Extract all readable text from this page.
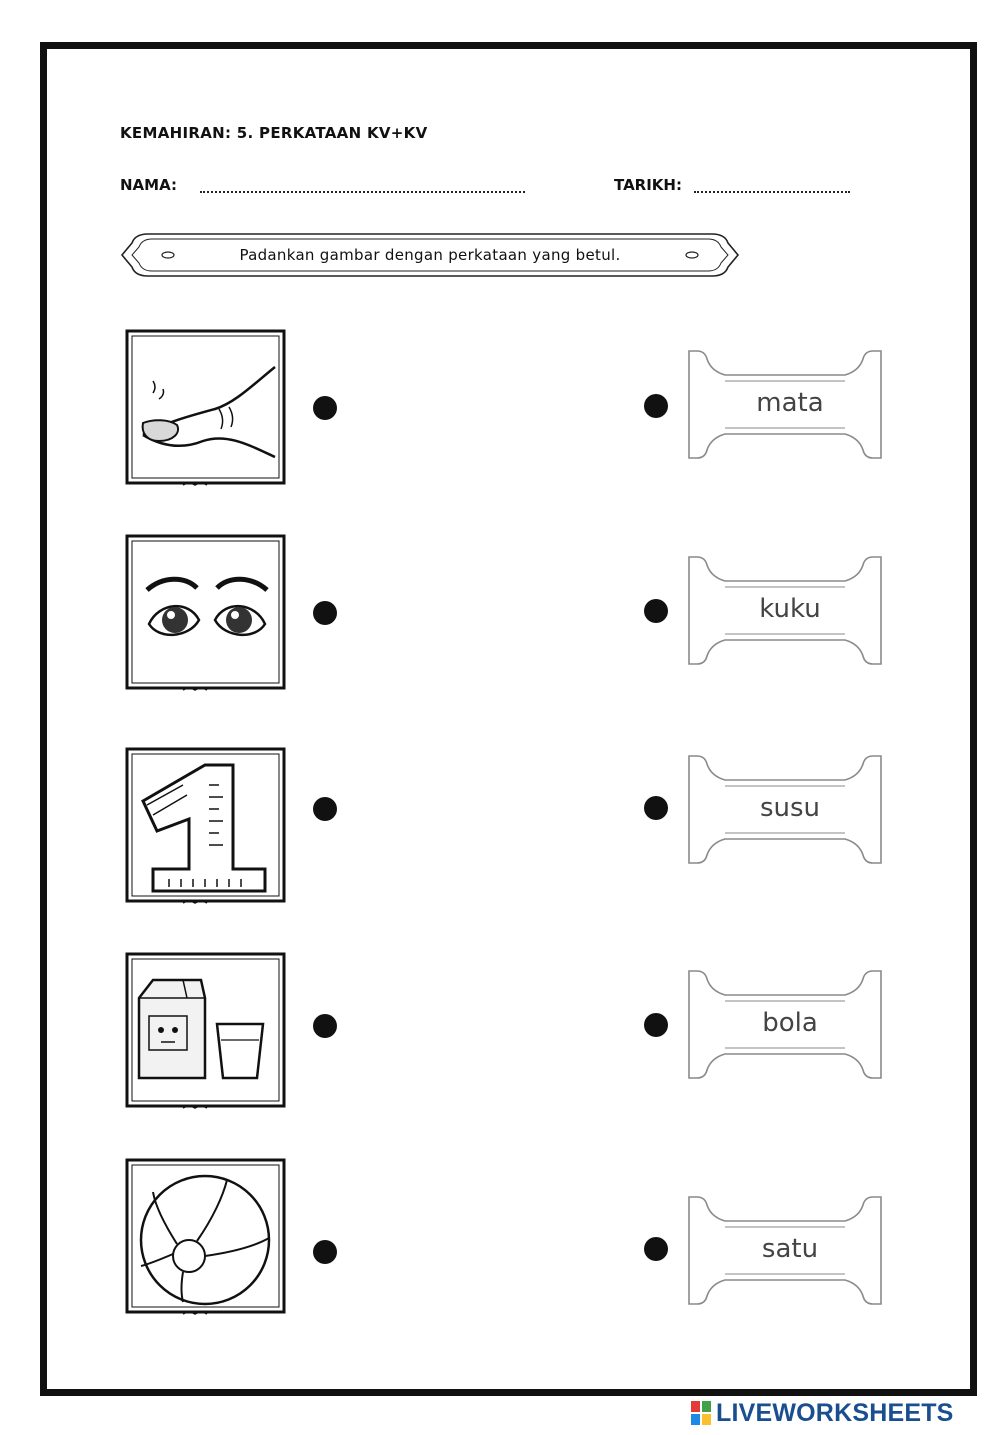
KEMAHIRAN: 5. PERKATAAN KV+KV
NAMA:	TARIKH:
Padankan gambar dengan perkataan yang betul.
mata
kuku
susu
bola
satu
LIVEWORKSHEETS
